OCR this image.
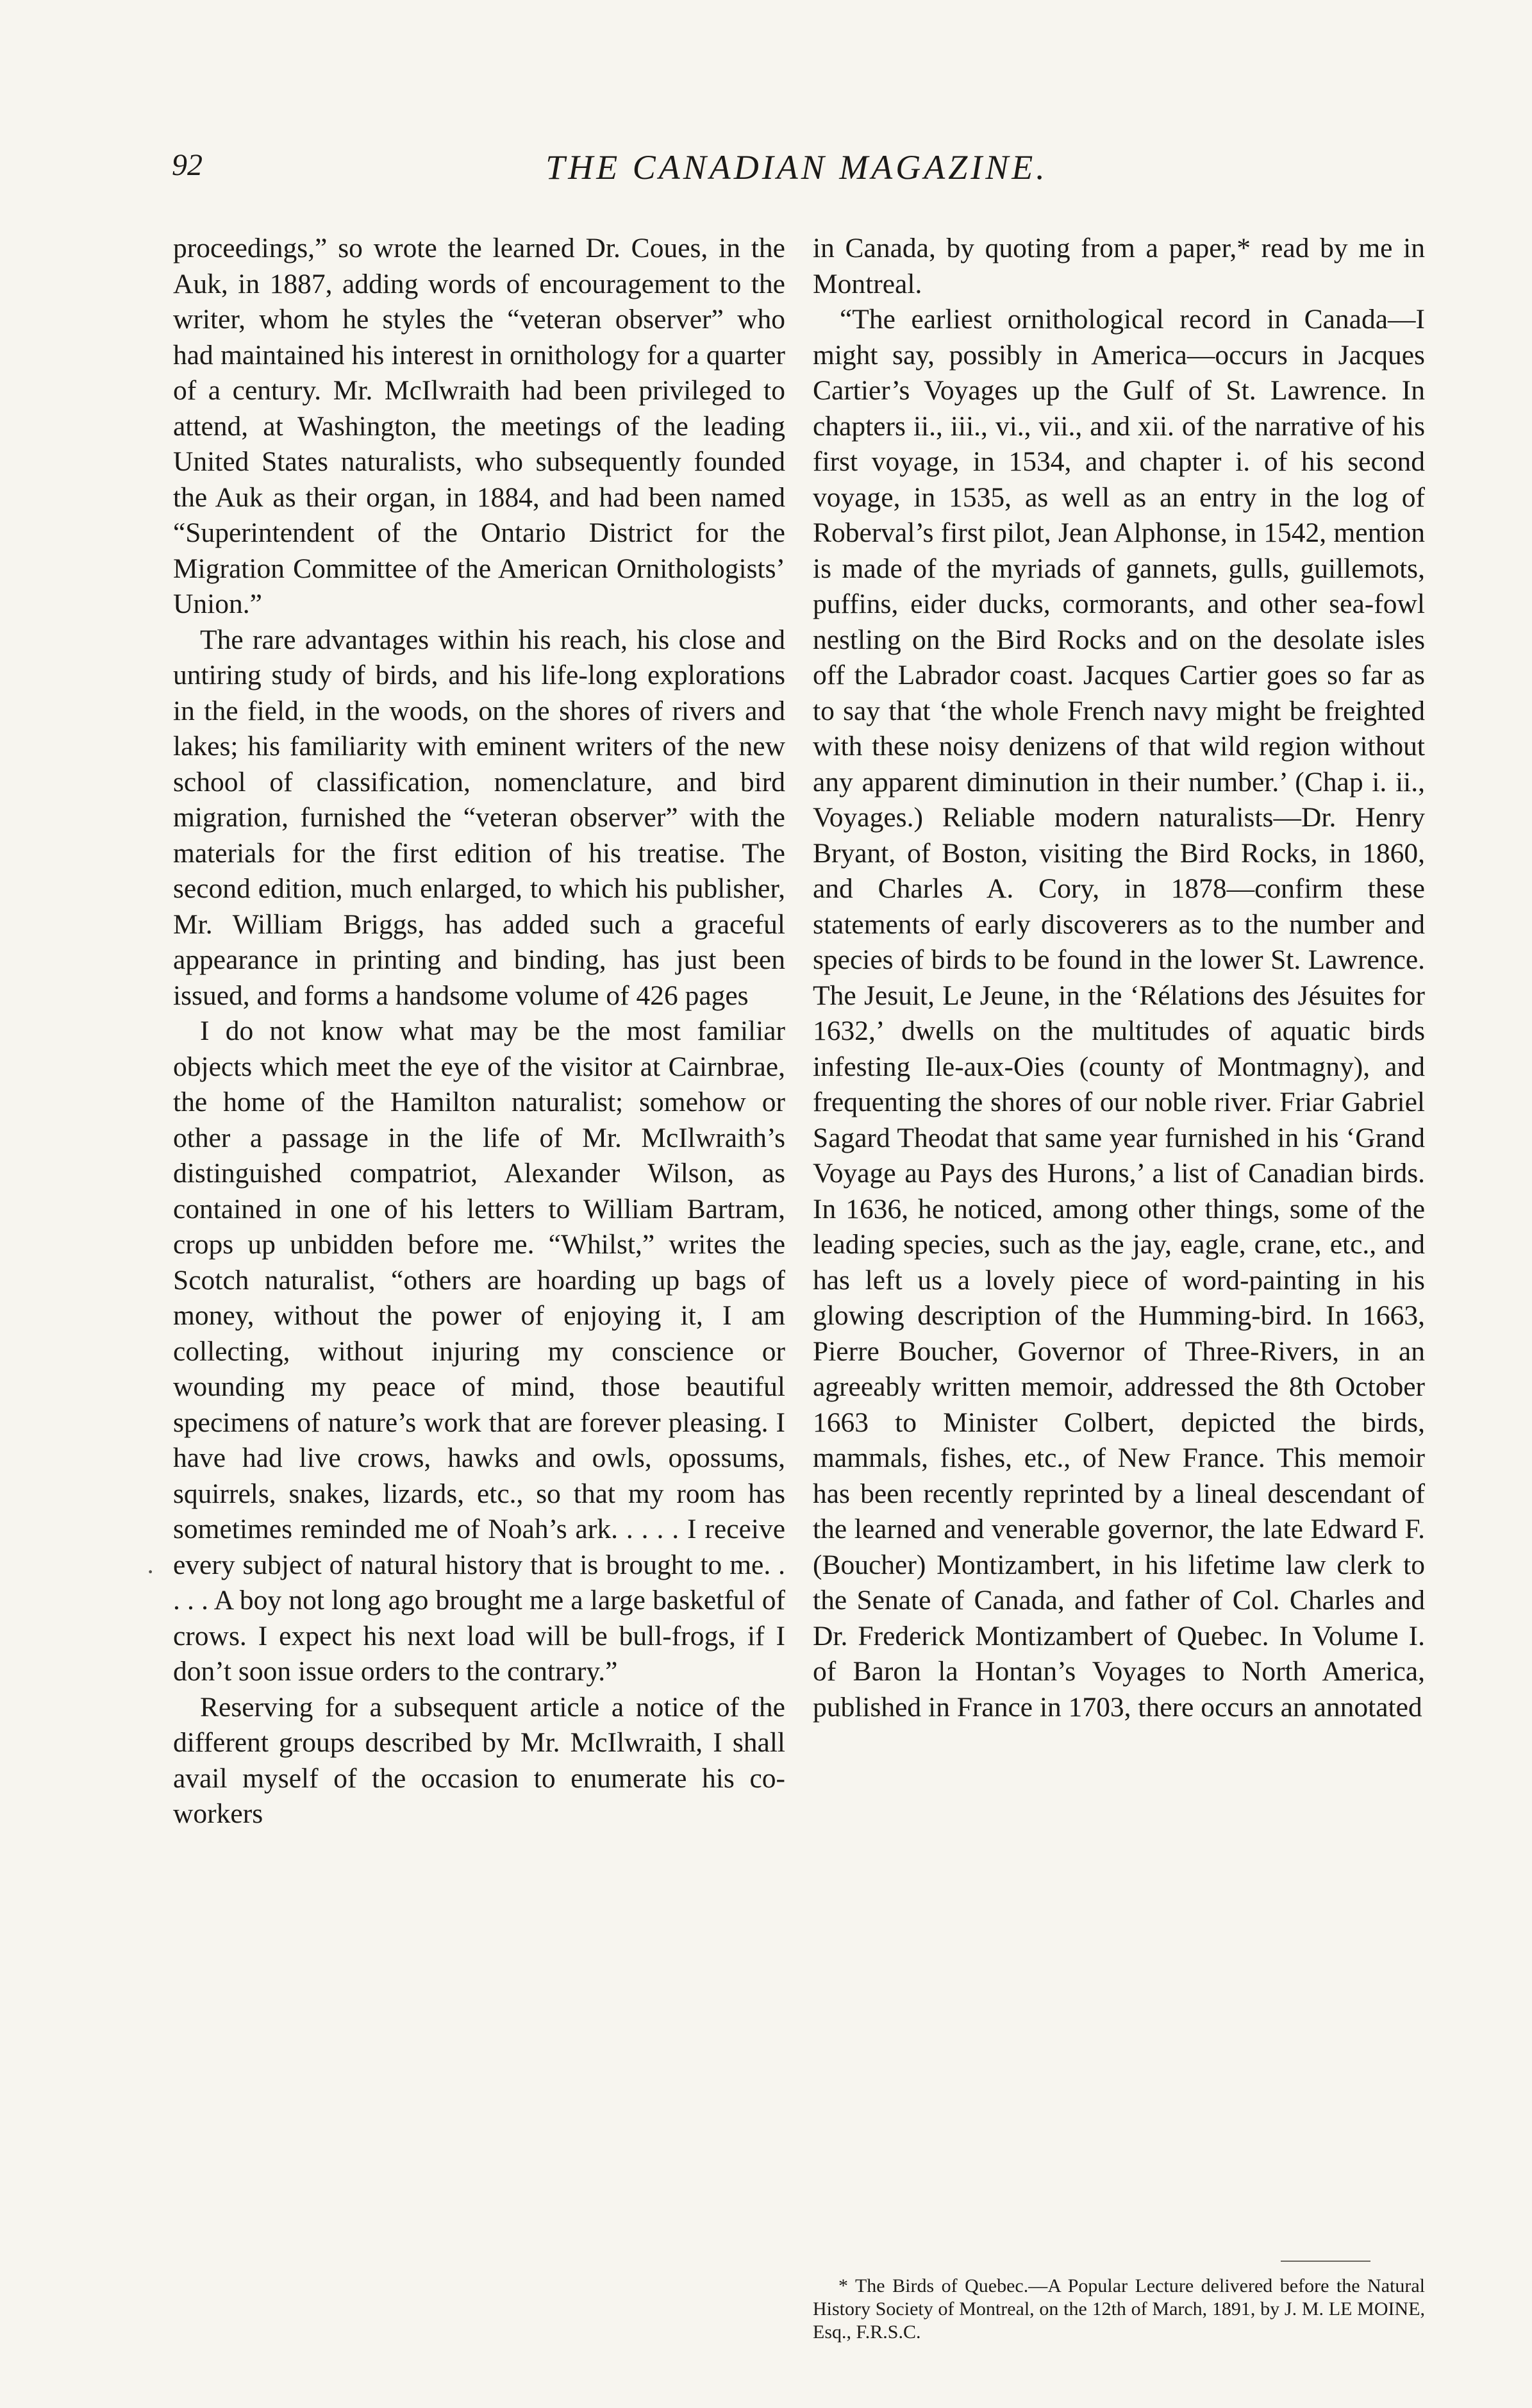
92	THE CANADIAN MAGAZINE.

proceedings,” so wrote the learned Dr. Coues, in the Auk, in 1887, adding words of encouragement to the writer, whom he styles the “veteran observer” who had maintained his interest in ornithology for a quarter of a century. Mr. McIlwraith had been privileged to attend, at Washington, the meetings of the leading United States naturalists, who subsequently founded the Auk as their organ, in 1884, and had been named “Superintendent of the Ontario District for the Migration Committee of the American Ornithologists’ Union.”

The rare advantages within his reach, his close and untiring study of birds, and his life-long explorations in the field, in the woods, on the shores of rivers and lakes; his familiarity with eminent writers of the new school of classification, nomenclature, and bird migration, furnished the “veteran observer” with the materials for the first edition of his treatise. The second edition, much enlarged, to which his publisher, Mr. William Briggs, has added such a graceful appearance in printing and binding, has just been issued, and forms a handsome volume of 426 pages

I do not know what may be the most familiar objects which meet the eye of the visitor at Cairnbrae, the home of the Hamilton naturalist; somehow or other a passage in the life of Mr. McIlwraith’s distinguished compatriot, Alexander Wilson, as contained in one of his letters to William Bartram, crops up unbidden before me. “Whilst,” writes the Scotch naturalist, “others are hoarding up bags of money, without the power of enjoying it, I am collecting, without injuring my conscience or wounding my peace of mind, those beautiful specimens of nature’s work that are forever pleasing. I have had live crows, hawks and owls, opossums, squirrels, snakes, lizards, etc., so that my room has sometimes reminded me of Noah’s ark. . . . . I receive every subject of natural history that is brought to me. . . . . A boy not long ago brought me a large basketful of crows. I expect his next load will be bull-frogs, if I don’t soon issue orders to the contrary.”

Reserving for a subsequent article a notice of the different groups described by Mr. McIlwraith, I shall avail myself of the occasion to enumerate his co-workers

·

in Canada, by quoting from a paper,* read by me in Montreal.

“The earliest ornithological record in Canada—I might say, possibly in America—occurs in Jacques Cartier’s Voyages up the Gulf of St. Lawrence. In chapters ii., iii., vi., vii., and xii. of the narrative of his first voyage, in 1534, and chapter i. of his second voyage, in 1535, as well as an entry in the log of Roberval’s first pilot, Jean Alphonse, in 1542, mention is made of the myriads of gannets, gulls, guillemots, puffins, eider ducks, cormorants, and other sea-fowl nestling on the Bird Rocks and on the desolate isles off the Labrador coast. Jacques Cartier goes so far as to say that ‘the whole French navy might be freighted with these noisy denizens of that wild region without any apparent diminution in their number.’ (Chap i. ii., Voyages.) Reliable modern naturalists—Dr. Henry Bryant, of Boston, visiting the Bird Rocks, in 1860, and Charles A. Cory, in 1878—confirm these statements of early discoverers as to the number and species of birds to be found in the lower St. Lawrence. The Jesuit, Le Jeune, in the ‘Rélations des Jésuites for 1632,’ dwells on the multitudes of aquatic birds infesting Ile-aux-Oies (county of Montmagny), and frequenting the shores of our noble river. Friar Gabriel Sagard Theodat that same year furnished in his ‘Grand Voyage au Pays des Hurons,’ a list of Canadian birds. In 1636, he noticed, among other things, some of the leading species, such as the jay, eagle, crane, etc., and has left us a lovely piece of word-painting in his glowing description of the Humming-bird. In 1663, Pierre Boucher, Governor of Three-Rivers, in an agreeably written memoir, addressed the 8th October 1663 to Minister Colbert, depicted the birds, mammals, fishes, etc., of New France. This memoir has been recently reprinted by a lineal descendant of the learned and venerable governor, the late Edward F. (Boucher) Montizambert, in his lifetime law clerk to the Senate of Canada, and father of Col. Charles and Dr. Frederick Montizambert of Quebec. In Volume I. of Baron la Hontan’s Voyages to North America, published in France in 1703, there occurs an annotated

* The Birds of Quebec.—A Popular Lecture delivered before the Natural History Society of Montreal, on the 12th of March, 1891, by J. M. LE MOINE, Esq., F.R.S.C.
